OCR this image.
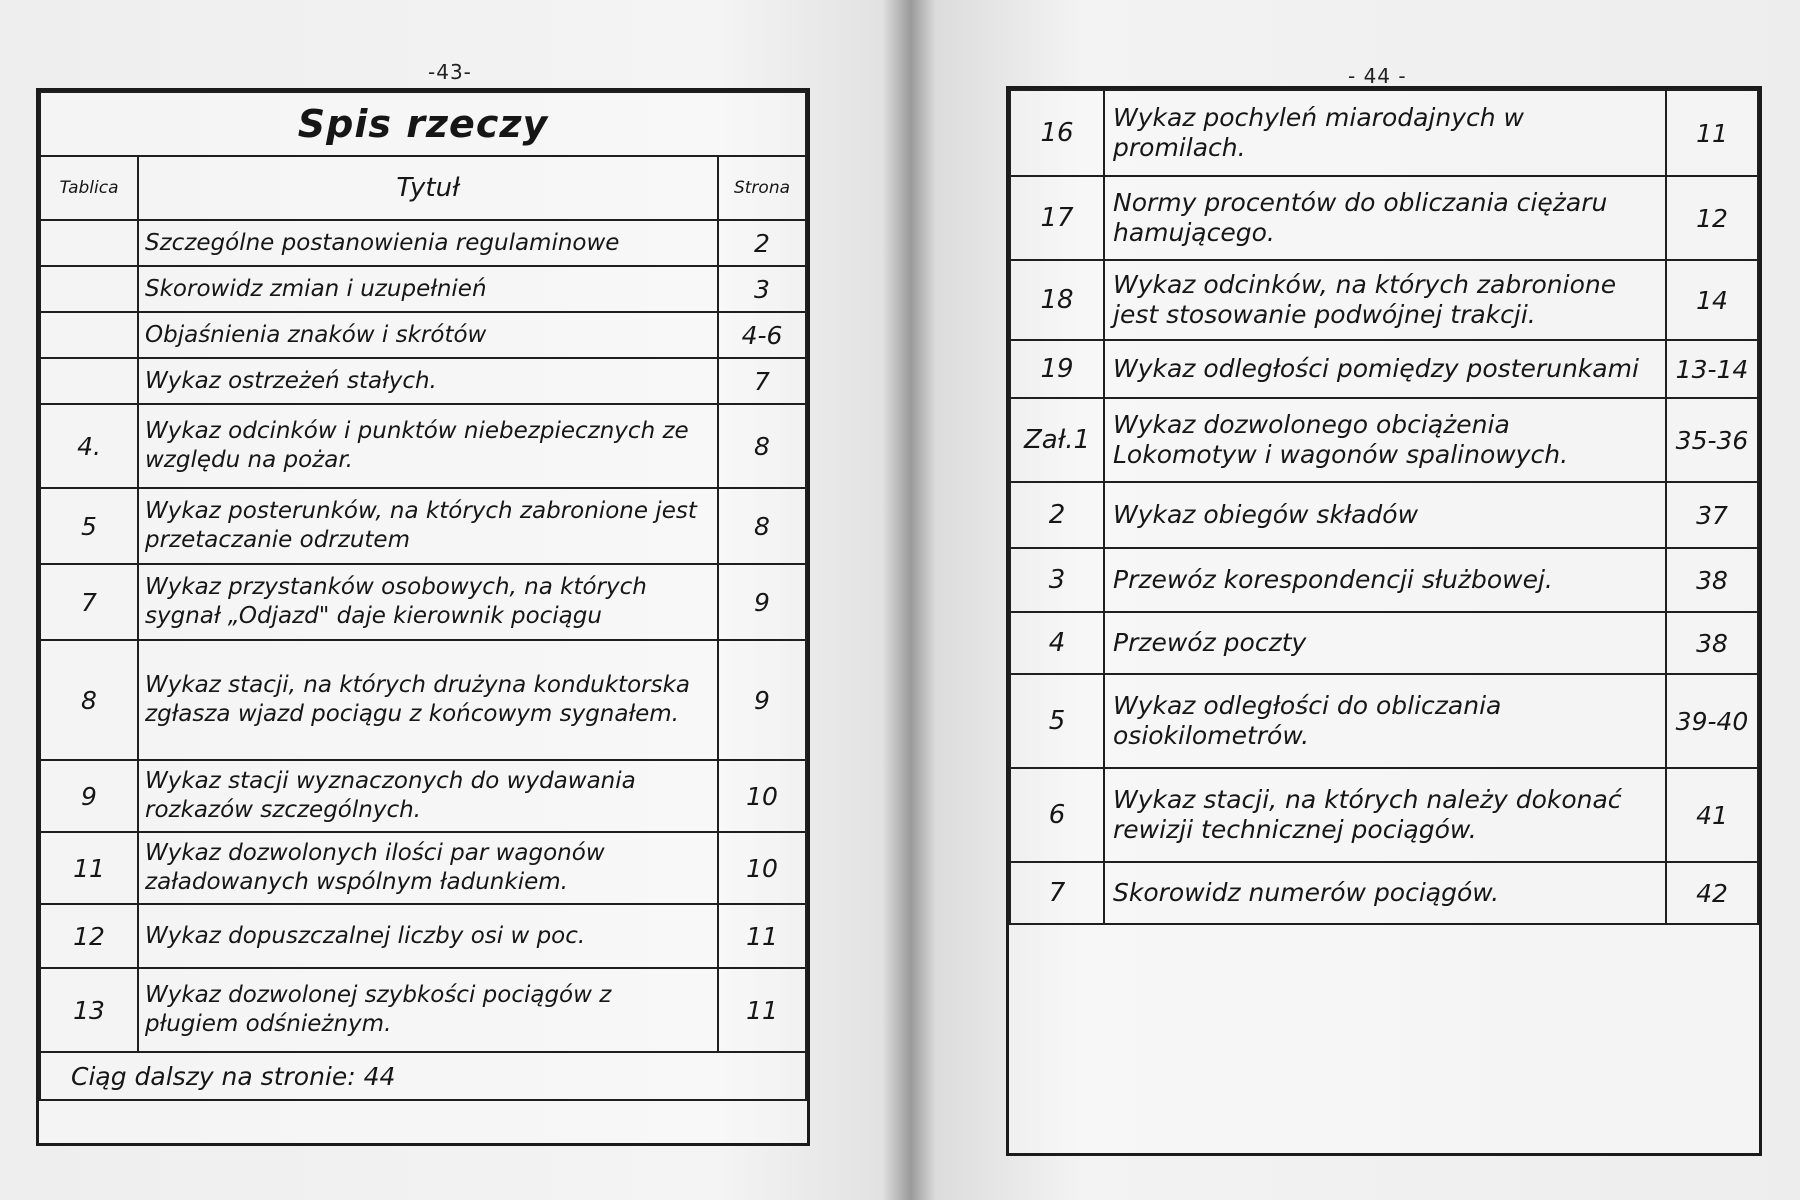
-43-
Spis rzeczy		
Tablica	Tytuł	Strona
	Szczególne postanowienia regulaminowe	2
	Skorowidz zmian i uzupełnień	3
	Objaśnienia znaków i skrótów	4-6
	Wykaz ostrzeżeń stałych.	7
4.	Wykaz odcinków i punktów niebezpiecznych ze względu na pożar.	8
5	Wykaz posterunków, na których zabronione jest przetaczanie odrzutem	8
7	Wykaz przystanków osobowych, na których sygnał „Odjazd" daje kierownik pociągu	9
8	Wykaz stacji, na których drużyna konduktorska zgłasza wjazd pociągu z końcowym sygnałem.	9
9	Wykaz stacji wyznaczonych do wydawania rozkazów szczególnych.	10
11	Wykaz dozwolonych ilości par wagonów załadowanych wspólnym ładunkiem.	10
12	Wykaz dopuszczalnej liczby osi w poc.	11
13	Wykaz dozwolonej szybkości pociągów z pługiem odśnieżnym.	11
Ciąg dalszy na stronie: 44		
- 44 -
16	Wykaz pochyleń miarodajnych w promilach.	11
17	Normy procentów do obliczania ciężaru hamującego.	12
18	Wykaz odcinków, na których zabronione jest stosowanie podwójnej trakcji.	14
19	Wykaz odległości pomiędzy posterunkami	13-14
Zał.1	Wykaz dozwolonego obciążenia Lokomotyw i wagonów spalinowych.	35-36
2	Wykaz obiegów składów	37
3	Przewóz korespondencji służbowej.	38
4	Przewóz poczty	38
5	Wykaz odległości do obliczania osiokilometrów.	39-40
6	Wykaz stacji, na których należy dokonać rewizji technicznej pociągów.	41
7	Skorowidz numerów pociągów.	42
